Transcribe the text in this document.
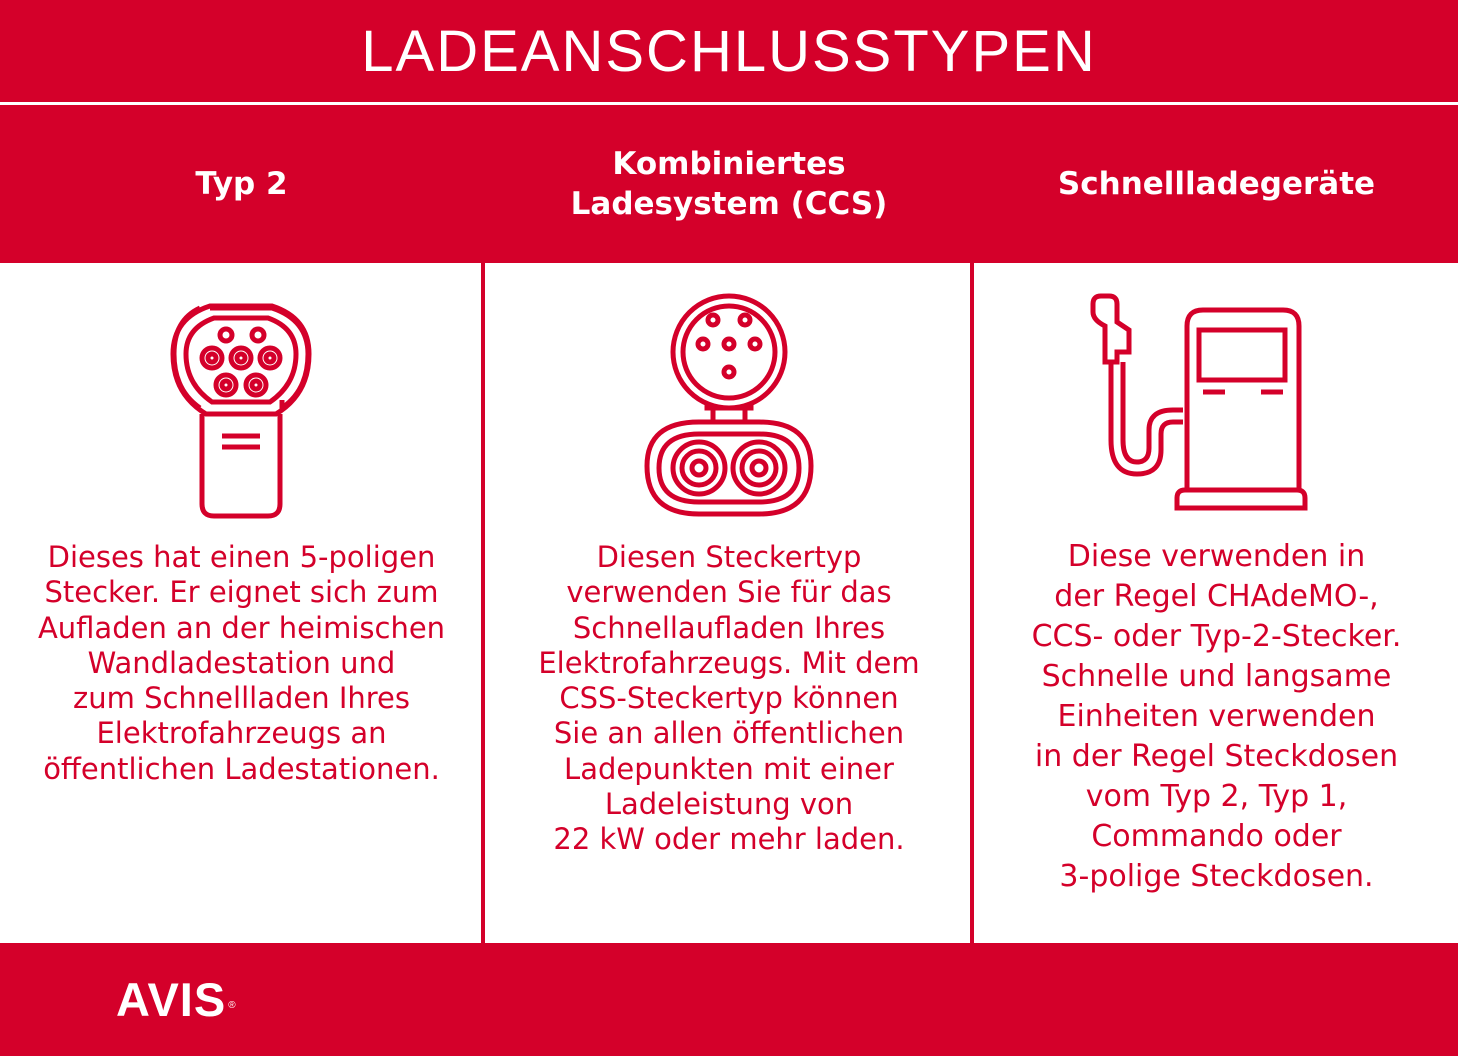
LADEANSCHLUSSTYPEN
Typ 2
Kombiniertes
Ladesystem (CCS)
Schnellladegeräte
Dieses hat einen 5-poligen
Stecker. Er eignet sich zum
Aufladen an der heimischen
Wandladestation und
zum Schnellladen Ihres
Elektrofahrzeugs an
öffentlichen Ladestationen.
Diesen Steckertyp
verwenden Sie für das
Schnellaufladen Ihres
Elektrofahrzeugs. Mit dem
CSS-Steckertyp können
Sie an allen öffentlichen
Ladepunkten mit einer
Ladeleistung von
22 kW oder mehr laden.
Diese verwenden in
der Regel CHAdeMO-,
CCS- oder Typ-2-Stecker.
Schnelle und langsame
Einheiten verwenden
in der Regel Steckdosen
vom Typ 2, Typ 1,
Commando oder
3-polige Steckdosen.
AVIS ®
